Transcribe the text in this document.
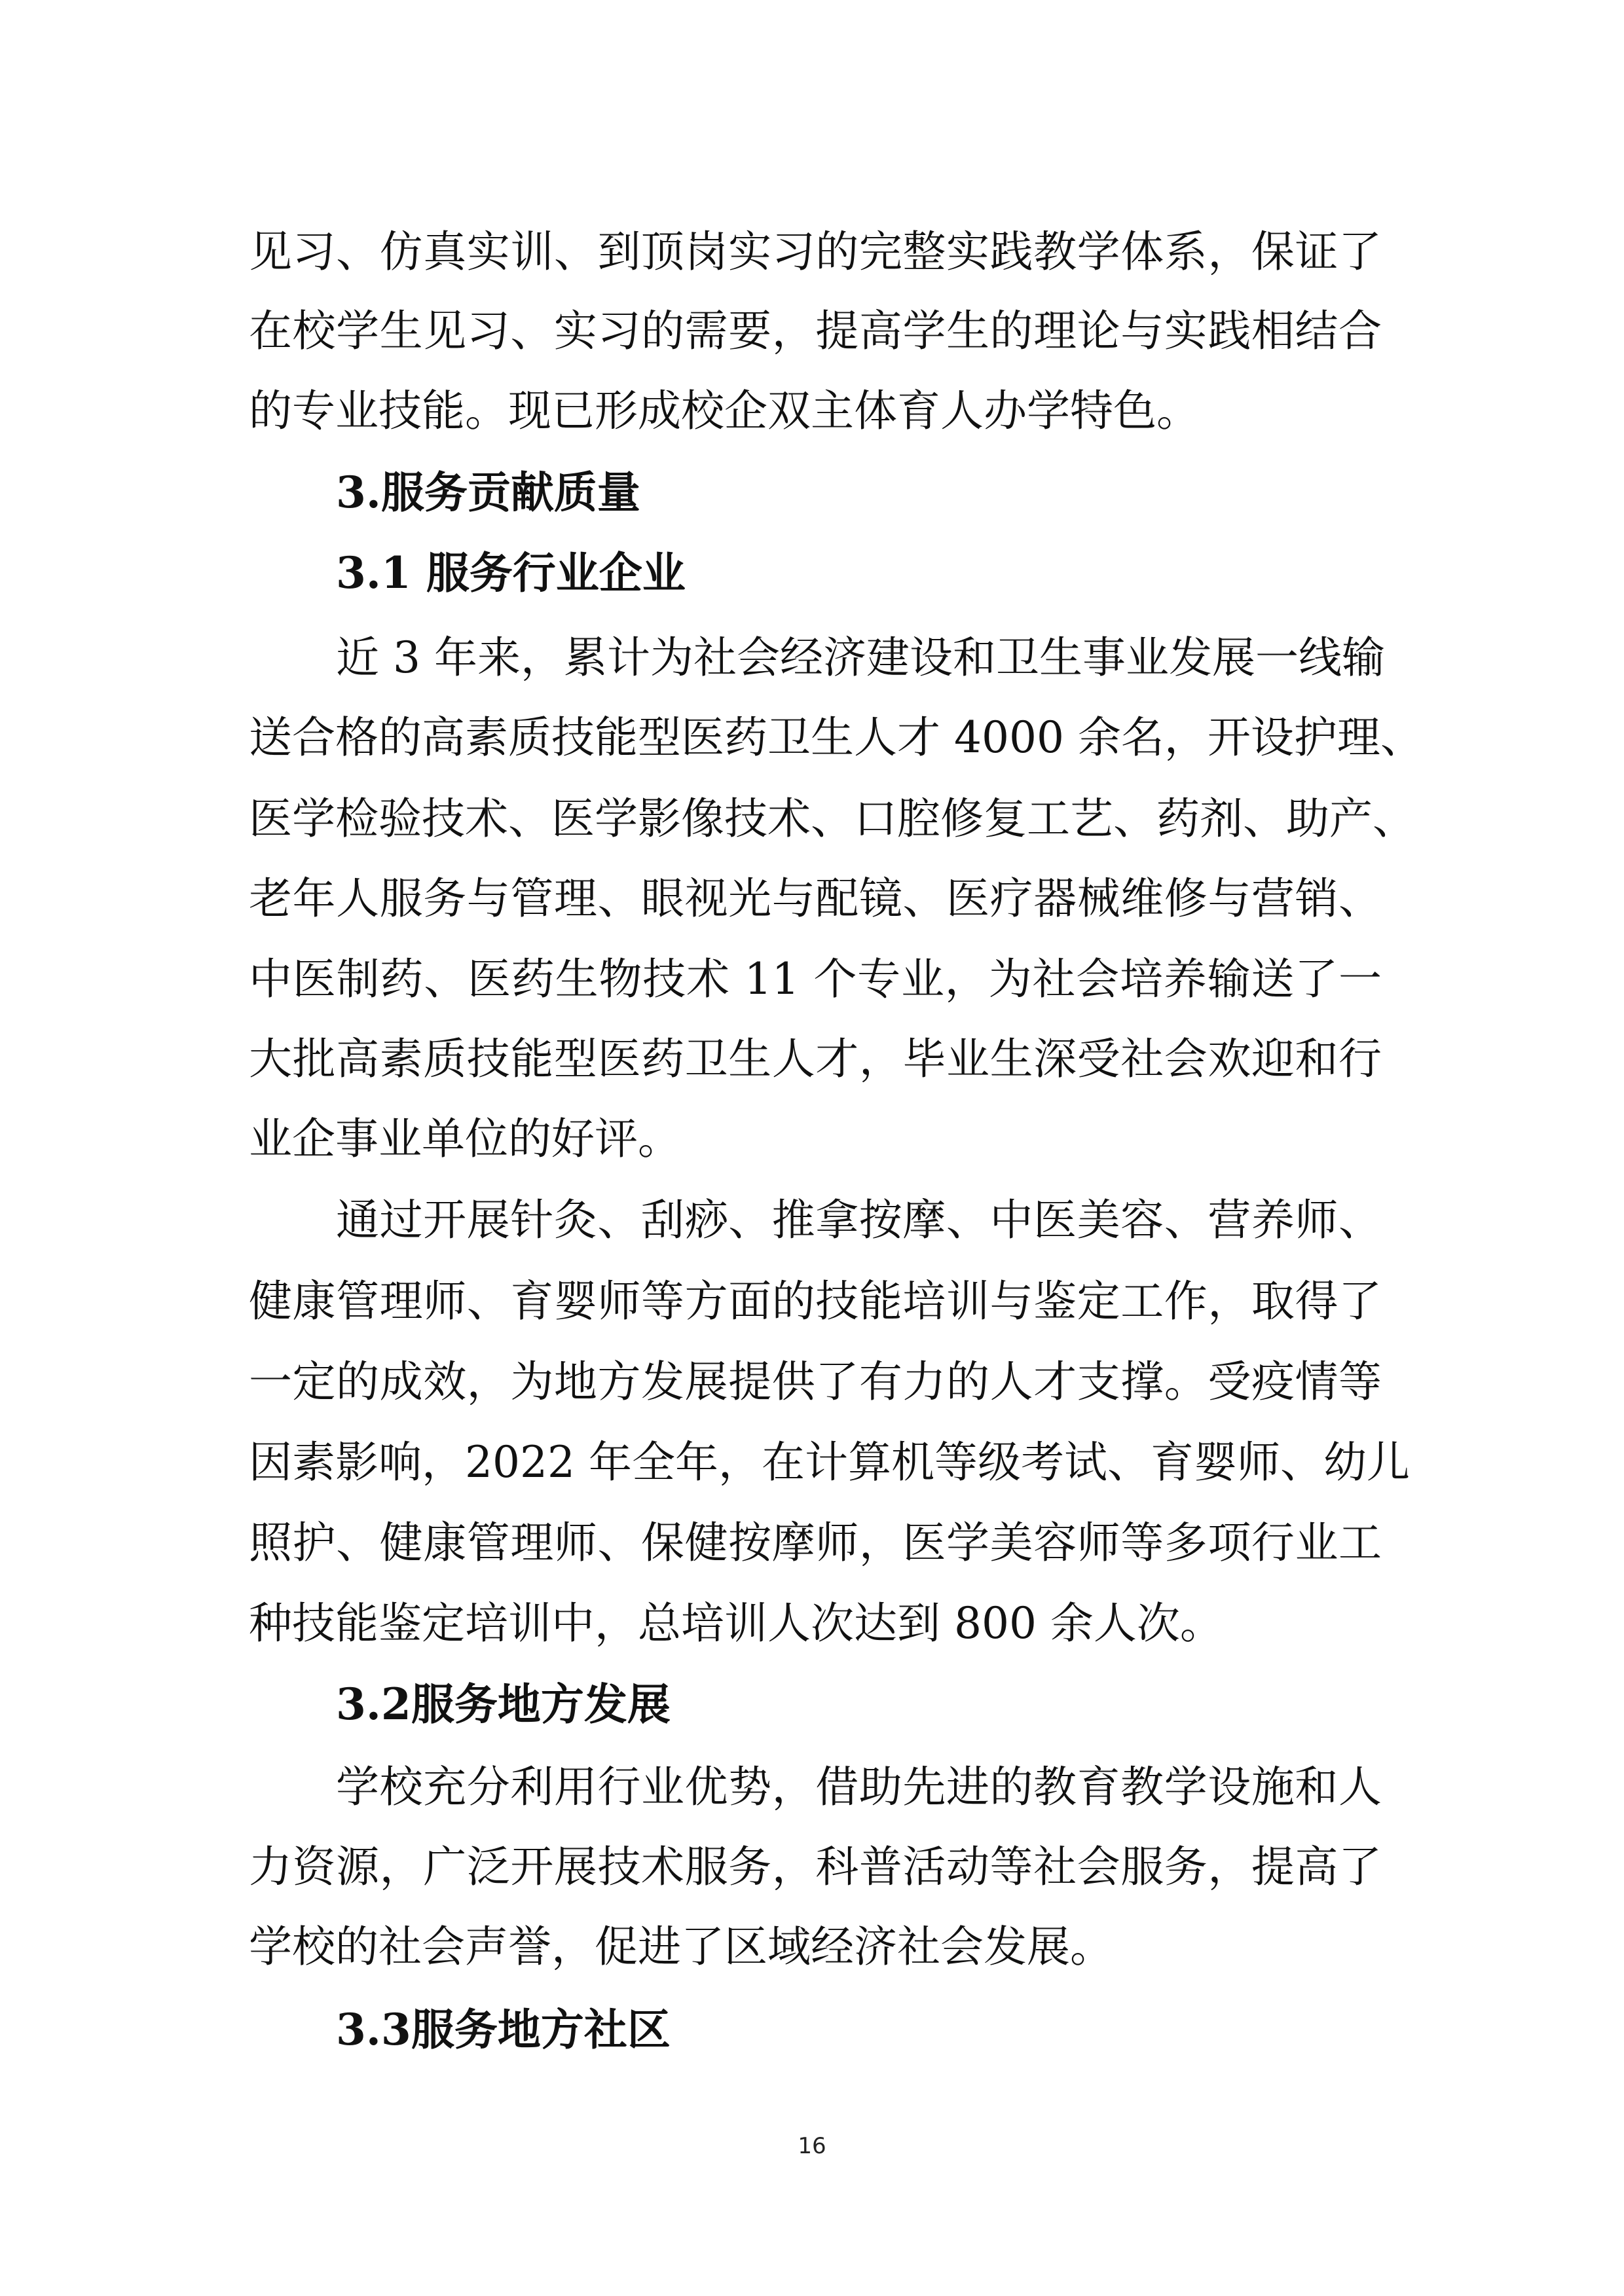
见习、仿真实训、到顶岗实习的完整实践教学体系，保证了
在校学生见习、实习的需要，提高学生的理论与实践相结合
的专业技能。现已形成校企双主体育人办学特色。
3.服务贡献质量
3.1 服务行业企业
近 3 年来，累计为社会经济建设和卫生事业发展一线输
送合格的高素质技能型医药卫生人才 4000 余名，开设护理、
医学检验技术、医学影像技术、口腔修复工艺、药剂、助产、
老年人服务与管理、眼视光与配镜、医疗器械维修与营销、
中医制药、医药生物技术 11 个专业，为社会培养输送了一
大批高素质技能型医药卫生人才，毕业生深受社会欢迎和行
业企事业单位的好评。
通过开展针灸、刮痧、推拿按摩、中医美容、营养师、
健康管理师、育婴师等方面的技能培训与鉴定工作，取得了
一定的成效，为地方发展提供了有力的人才支撑。受疫情等
因素影响，2022 年全年，在计算机等级考试、育婴师、幼儿
照护、健康管理师、保健按摩师，医学美容师等多项行业工
种技能鉴定培训中，总培训人次达到 800 余人次。
3.2服务地方发展
学校充分利用行业优势，借助先进的教育教学设施和人
力资源，广泛开展技术服务，科普活动等社会服务，提高了
学校的社会声誉，促进了区域经济社会发展。
3.3服务地方社区
16
